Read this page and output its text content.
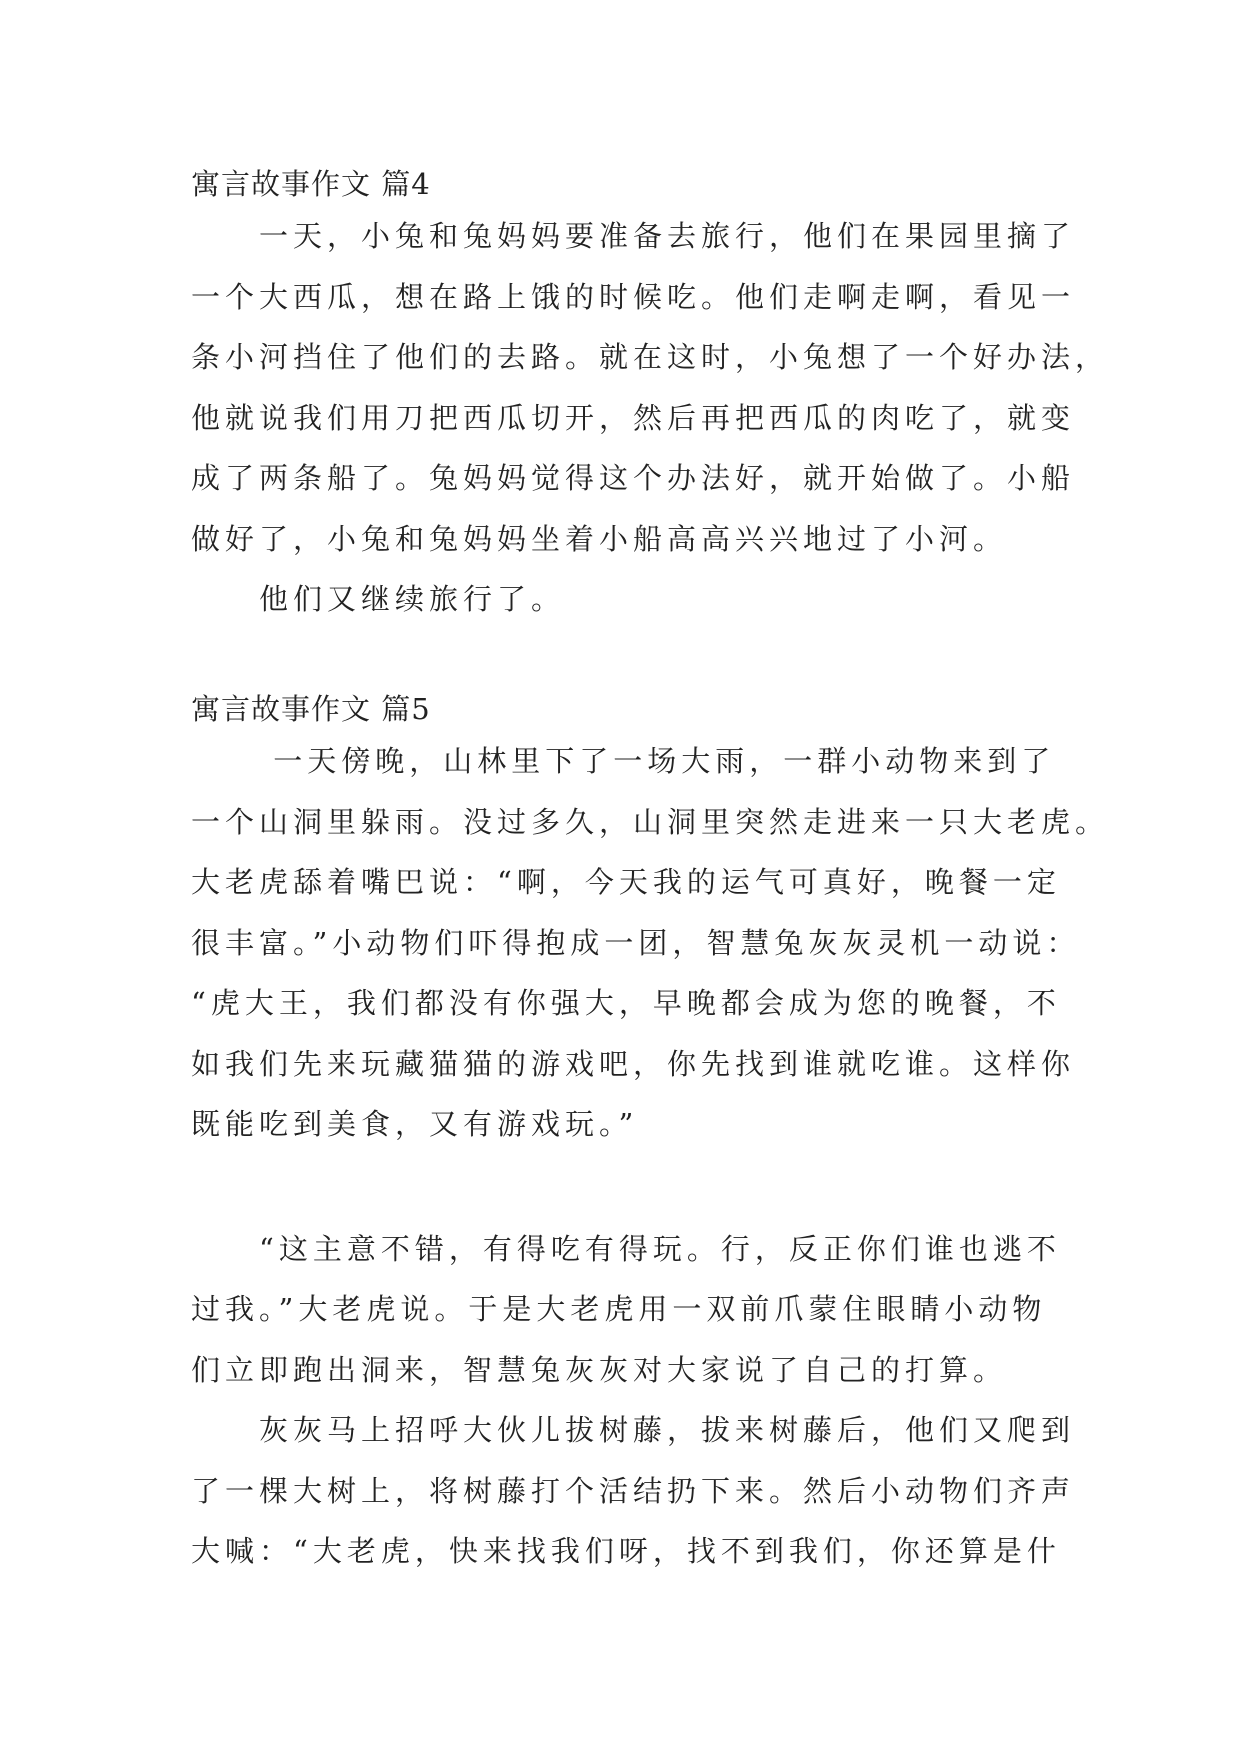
寓言故事作文 篇4
　　一天，小兔和兔妈妈要准备去旅行，他们在果园里摘了
一个大西瓜，想在路上饿的时候吃。他们走啊走啊，看见一
条小河挡住了他们的去路。就在这时，小兔想了一个好办法，
他就说我们用刀把西瓜切开，然后再把西瓜的肉吃了，就变
成了两条船了。兔妈妈觉得这个办法好，就开始做了。小船
做好了，小兔和兔妈妈坐着小船高高兴兴地过了小河。
　　他们又继续旅行了。
寓言故事作文 篇5
　　 一天傍晚，山林里下了一场大雨，一群小动物来到了
一个山洞里躲雨。没过多久，山洞里突然走进来一只大老虎。
大老虎舔着嘴巴说：“啊，今天我的运气可真好，晚餐一定
很丰富。”小动物们吓得抱成一团，智慧兔灰灰灵机一动说：
“虎大王，我们都没有你强大，早晚都会成为您的晚餐，不
如我们先来玩藏猫猫的游戏吧，你先找到谁就吃谁。这样你
既能吃到美食，又有游戏玩。”
　　“这主意不错，有得吃有得玩。行，反正你们谁也逃不
过我。”大老虎说。于是大老虎用一双前爪蒙住眼睛小动物
们立即跑出洞来，智慧兔灰灰对大家说了自己的打算。
　　灰灰马上招呼大伙儿拔树藤，拔来树藤后，他们又爬到
了一棵大树上，将树藤打个活结扔下来。然后小动物们齐声
大喊：“大老虎，快来找我们呀，找不到我们，你还算是什
